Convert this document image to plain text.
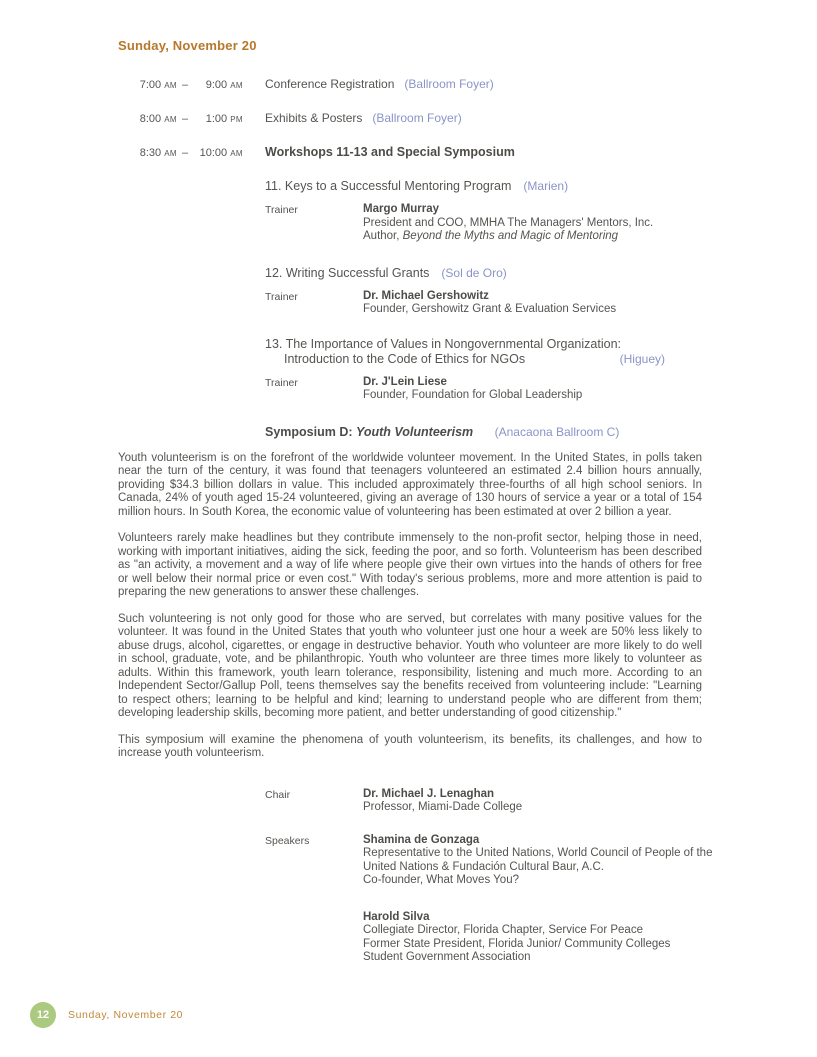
Sunday, November 20
7:00 AM –	9:00 AM Conference Registration (Ballroom Foyer)
8:00 AM –	1:00 PM Exhibits & Posters (Ballroom Foyer)
8:30 AM –	10:00 AM Workshops 11-13 and Special Symposium
11. Keys to a Successful Mentoring Program (Marien)
Trainer	Margo Murray
President and COO, MMHA The Managers' Mentors, Inc.
Author, Beyond the Myths and Magic of Mentoring
12. Writing Successful Grants (Sol de Oro)
Trainer	Dr. Michael Gershowitz
Founder, Gershowitz Grant & Evaluation Services
13. The Importance of Values in Nongovernmental Organization:
Introduction to the Code of Ethics for NGOs	(Higuey)
Trainer	Dr. J'Lein Liese
Founder, Foundation for Global Leadership
Symposium D: Youth Volunteerism (Anacaona Ballroom C)

Youth volunteerism is on the forefront of the worldwide volunteer movement. In the United States, in polls taken near the turn of the century, it was found that teenagers volunteered an estimated 2.4 billion hours annually, providing $34.3 billion dollars in value. This included approximately three-fourths of all high school seniors. In Canada, 24% of youth aged 15-24 volunteered, giving an average of 130 hours of service a year or a total of 154 million hours. In South Korea, the economic value of volunteering has been estimated at over 2 billion a year.

Volunteers rarely make headlines but they contribute immensely to the non-profit sector, helping those in need, working with important initiatives, aiding the sick, feeding the poor, and so forth. Volunteerism has been described as "an activity, a movement and a way of life where people give their own virtues into the hands of others for free or well below their normal price or even cost." With today's serious problems, more and more attention is paid to preparing the new generations to answer these challenges.

Such volunteering is not only good for those who are served, but correlates with many positive values for the volunteer. It was found in the United States that youth who volunteer just one hour a week are 50% less likely to abuse drugs, alcohol, cigarettes, or engage in destructive behavior. Youth who volunteer are more likely to do well in school, graduate, vote, and be philanthropic. Youth who volunteer are three times more likely to volunteer as adults. Within this framework, youth learn tolerance, responsibility, listening and much more. According to an Independent Sector/Gallup Poll, teens themselves say the benefits received from volunteering include: "Learning to respect others; learning to be helpful and kind; learning to understand people who are different from them; developing leadership skills, becoming more patient, and better understanding of good citizenship."

This symposium will examine the phenomena of youth volunteerism, its benefits, its challenges, and how to increase youth volunteerism.

Chair	Dr. Michael J. Lenaghan
Professor, Miami-Dade College
Speakers	Shamina de Gonzaga
Representative to the United Nations, World Council of People of the
United Nations & Fundación Cultural Baur, A.C.
Co-founder, What Moves You?
Harold Silva
Collegiate Director, Florida Chapter, Service For Peace
Former State President, Florida Junior/ Community Colleges
Student Government Association
12	Sunday, November 20
